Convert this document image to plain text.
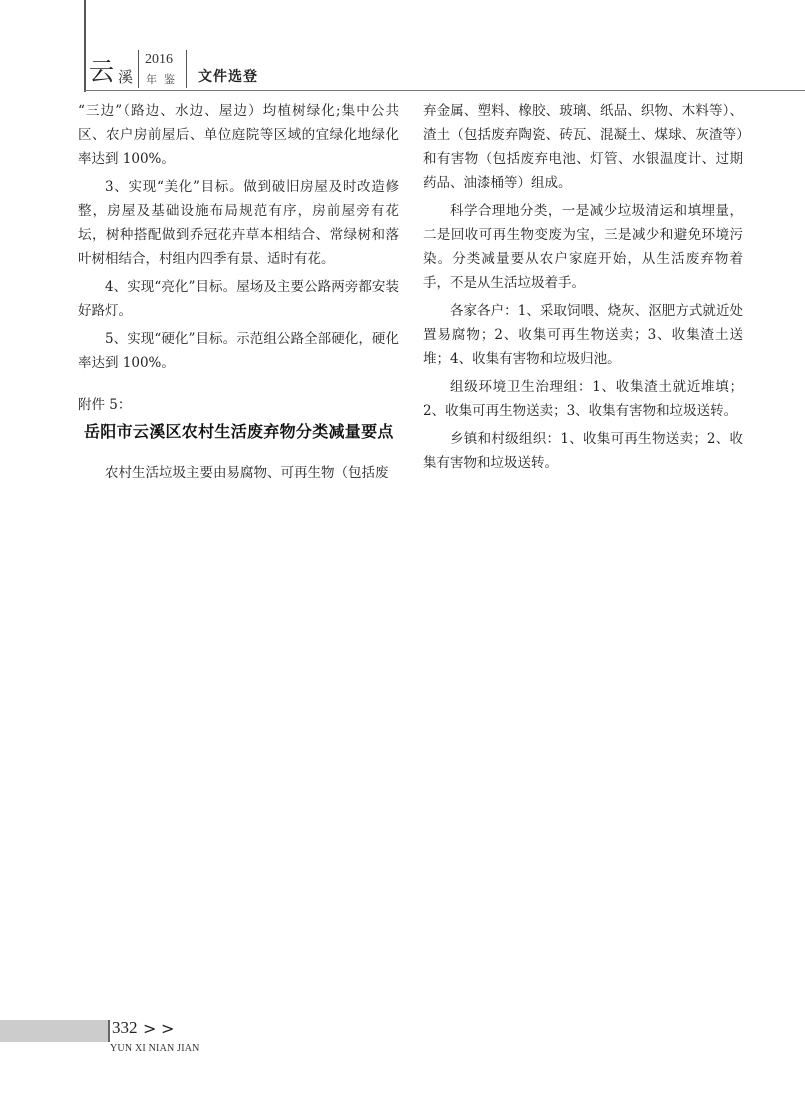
云 溪
2016
年鉴 文件选登

“三边”（路边、水边、屋边）均植树绿化;集中公共区、农户房前屋后、单位庭院等区域的宜绿化地绿化率达到 100%。

3、实现“美化”目标。做到破旧房屋及时改造修整，房屋及基础设施布局规范有序，房前屋旁有花坛，树种搭配做到乔冠花卉草本相结合、常绿树和落叶树相结合，村组内四季有景、适时有花。

4、实现“亮化”目标。屋场及主要公路两旁都安装好路灯。

5、实现“硬化”目标。示范组公路全部硬化，硬化率达到 100%。

附件 5：

岳阳市云溪区农村生活废弃物分类减量要点

农村生活垃圾主要由易腐物、可再生物（包括废

弃金属、塑料、橡胶、玻璃、纸品、织物、木料等）、渣土（包括废弃陶瓷、砖瓦、混凝土、煤球、灰渣等）和有害物（包括废弃电池、灯管、水银温度计、过期药品、油漆桶等）组成。

科学合理地分类，一是减少垃圾清运和填埋量，二是回收可再生物变废为宝，三是减少和避免环境污染。分类减量要从农户家庭开始，从生活废弃物着手，不是从生活垃圾着手。

各家各户：1、采取饲喂、烧灰、沤肥方式就近处置易腐物；2、收集可再生物送卖；3、收集渣土送堆；4、收集有害物和垃圾归池。

组级环境卫生治理组：1、收集渣土就近堆填；2、收集可再生物送卖；3、收集有害物和垃圾送转。

乡镇和村级组织：1、收集可再生物送卖；2、收集有害物和垃圾送转。

332 > >
YUN XI NIAN JIAN
